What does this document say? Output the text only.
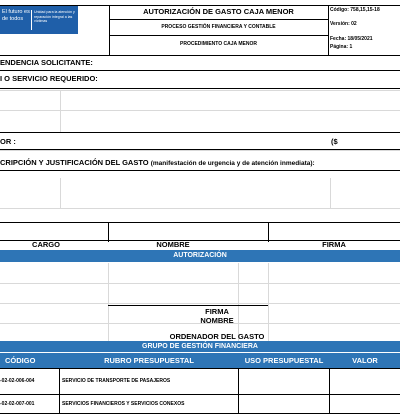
El futuro es de todos
Unidad para la atención y reparación integral a las víctimas
AUTORIZACIÓN DE GASTO CAJA MENOR
PROCESO GESTIÓN FINANCIERA Y CONTABLE
PROCEDIMIENTO CAJA MENOR
Código: 758,15,15-18
Versión: 02
Fecha: 18/05/2021
Página: 1
ENDENCIA SOLICITANTE:
I O SERVICIO REQUERIDO:
OR :	($
CRIPCIÓN Y JUSTIFICACIÓN DEL GASTO (manifestación de urgencia y de atención inmediata):
CARGO	NOMBRE	FIRMA
AUTORIZACIÓN
FIRMA
NOMBRE
ORDENADOR DEL GASTO
GRUPO DE GESTIÓN FINANCIERA
CÓDIGO	RUBRO PRESUPUESTAL	USO PRESUPUESTAL	VALOR
-02-02-006-004	SERVICIO DE TRANSPORTE DE PASAJEROS
-02-02-007-001	SERVICIOS FINANCIEROS Y SERVICIOS CONEXOS
